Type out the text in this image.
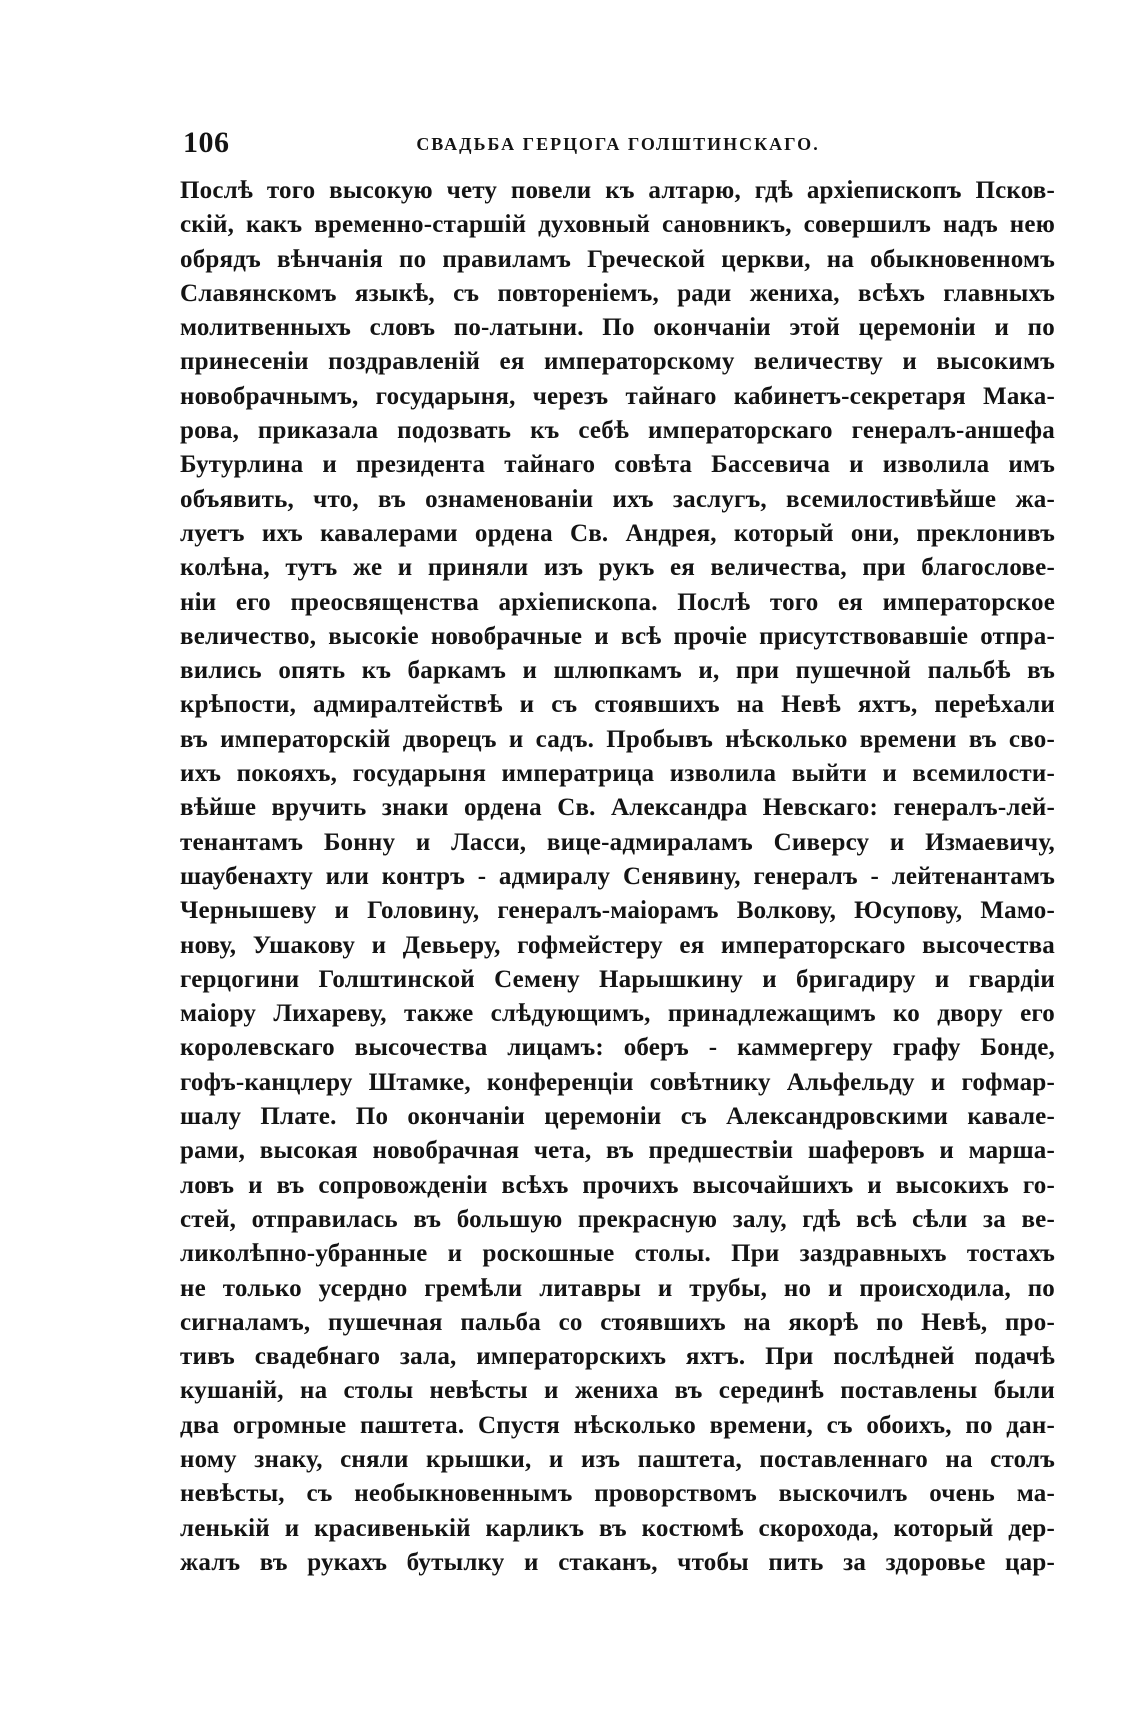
106	СВАДЬБА ГЕРЦОГА ГОЛШТИНСКАГО.
Послѣ того высокую чету повели къ алтарю, гдѣ архіепископъ Псков-
скій, какъ временно-старшій духовный сановникъ, совершилъ надъ нею
обрядъ вѣнчанія по правиламъ Греческой церкви, на обыкновенномъ
Славянскомъ языкѣ, съ повтореніемъ, ради жениха, всѣхъ главныхъ
молитвенныхъ словъ по-латыни. По окончаніи этой церемоніи и по
принесеніи поздравленій ея императорскому величеству и высокимъ
новобрачнымъ, государыня, черезъ тайнаго кабинетъ-секретаря Мака-
рова, приказала подозвать къ себѣ императорскаго генералъ-аншефа
Бутурлина и президента тайнаго совѣта Бассевича и изволила имъ
объявить, что, въ ознаменованіи ихъ заслугъ, всемилостивѣйше жа-
луетъ ихъ кавалерами ордена Св. Андрея, который они, преклонивъ
колѣна, тутъ же и приняли изъ рукъ ея величества, при благослове-
ніи его преосвященства архіепископа. Послѣ того ея императорское
величество, высокіе новобрачные и всѣ прочіе присутствовавшіе отпра-
вились опять къ баркамъ и шлюпкамъ и, при пушечной пальбѣ въ
крѣпости, адмиралтействѣ и съ стоявшихъ на Невѣ яхтъ, переѣхали
въ императорскій дворецъ и садъ. Пробывъ нѣсколько времени въ сво-
ихъ покояхъ, государыня императрица изволила выйти и всемилости-
вѣйше вручить знаки ордена Св. Александра Невскаго: генералъ-лей-
тенантамъ Бонну и Ласси, вице-адмираламъ Сиверсу и Измаевичу,
шаубенахту или контръ - адмиралу Сенявину, генералъ - лейтенантамъ
Чернышеву и Головину, генералъ-маіорамъ Волкову, Юсупову, Мамо-
нову, Ушакову и Девьеру, гофмейстеру ея императорскаго высочества
герцогини Голштинской Семену Нарышкину и бригадиру и гвардіи
маіору Лихареву, также слѣдующимъ, принадлежащимъ ко двору его
королевскаго высочества лицамъ: оберъ - каммергеру графу Бонде,
гофъ-канцлеру Штамке, конференціи совѣтнику Альфельду и гофмар-
шалу Плате. По окончаніи церемоніи съ Александровскими кавале-
рами, высокая новобрачная чета, въ предшествіи шаферовъ и марша-
ловъ и въ сопровожденіи всѣхъ прочихъ высочайшихъ и высокихъ го-
стей, отправилась въ большую прекрасную залу, гдѣ всѣ сѣли за ве-
ликолѣпно-убранные и роскошные столы. При заздравныхъ тостахъ
не только усердно гремѣли литавры и трубы, но и происходила, по
сигналамъ, пушечная пальба со стоявшихъ на якорѣ по Невѣ, про-
тивъ свадебнаго зала, императорскихъ яхтъ. При послѣдней подачѣ
кушаній, на столы невѣсты и жениха въ серединѣ поставлены были
два огромные паштета. Спустя нѣсколько времени, съ обоихъ, по дан-
ному знаку, сняли крышки, и изъ паштета, поставленнаго на столъ
невѣсты, съ необыкновеннымъ проворствомъ выскочилъ очень ма-
ленькій и красивенькій карликъ въ костюмѣ скорохода, который дер-
жалъ въ рукахъ бутылку и стаканъ, чтобы пить за здоровье цар-
